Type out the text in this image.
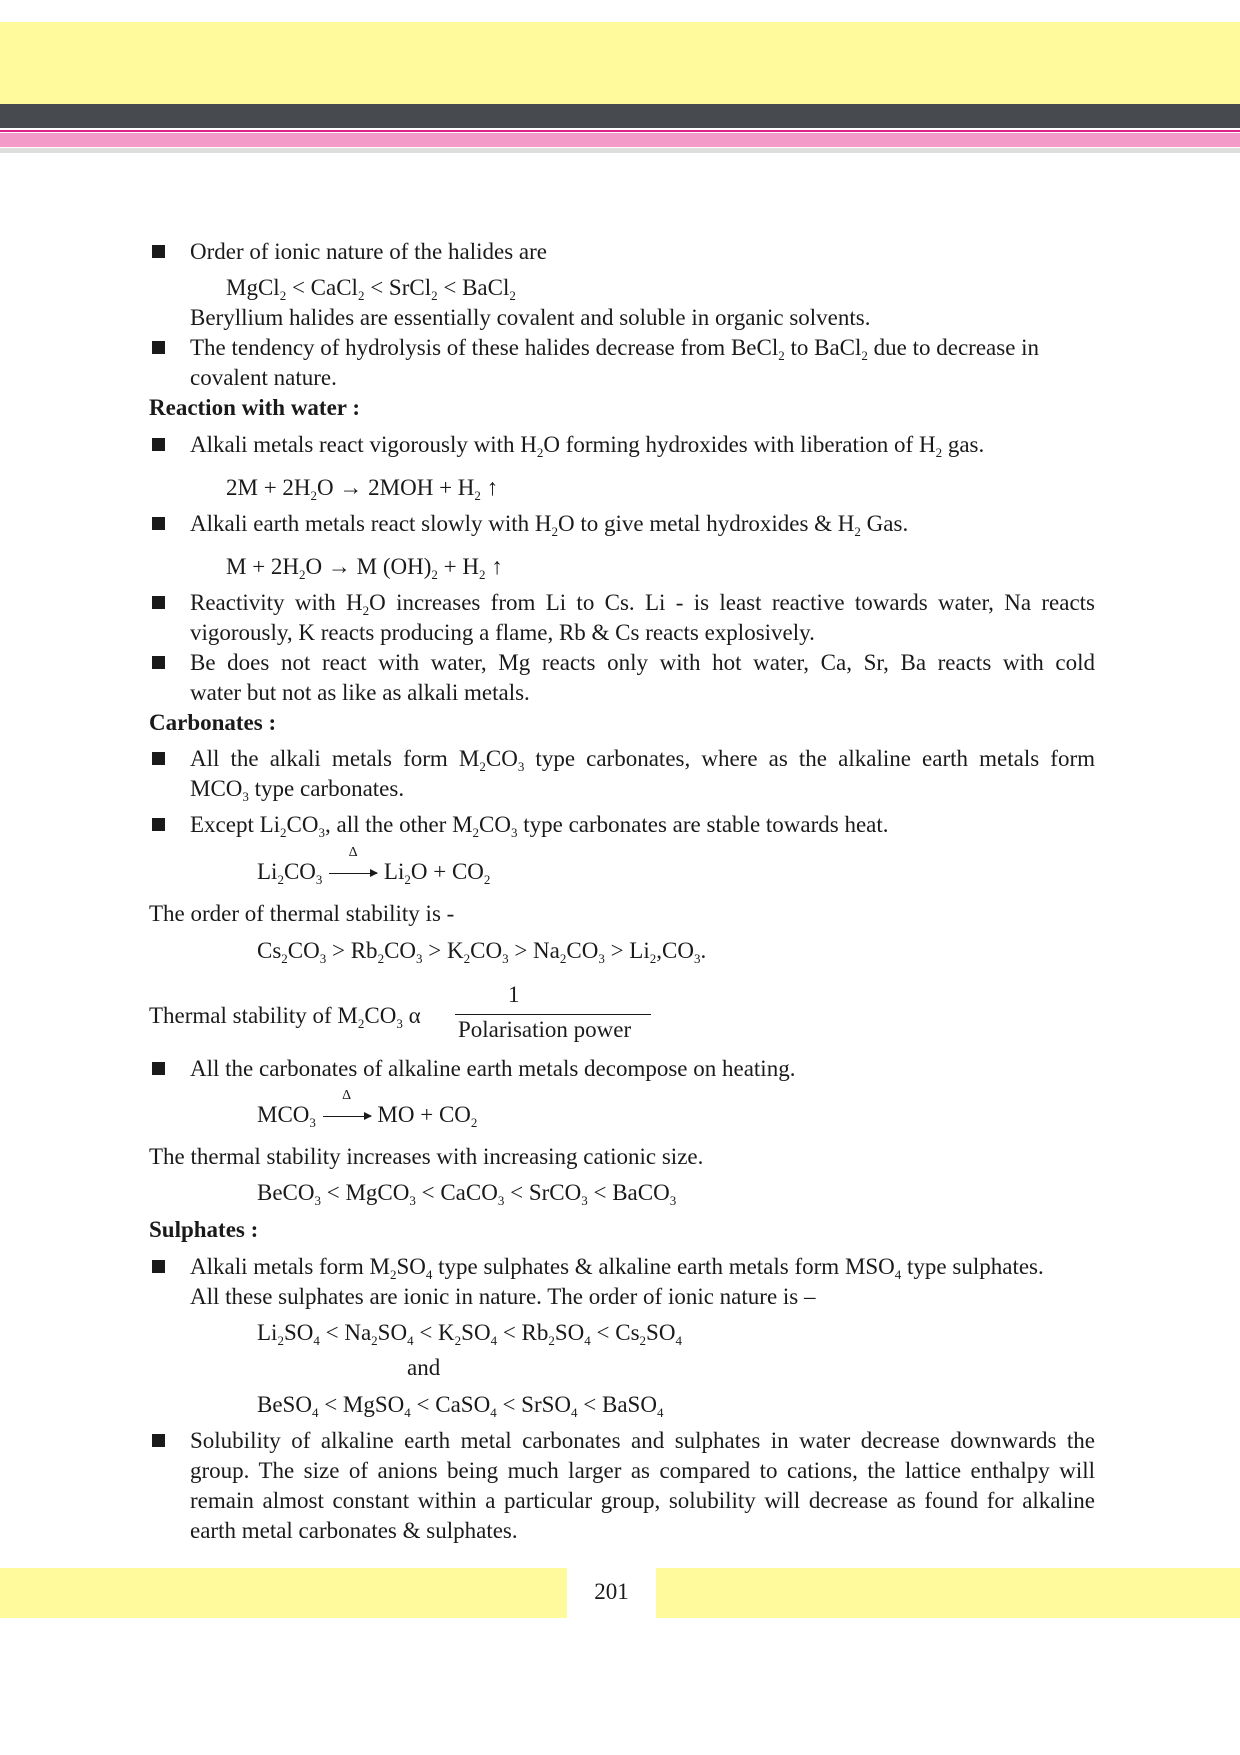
Order of ionic nature of the halides are
MgCl$_2$ < CaCl$_2$ < SrCl$_2$ < BaCl$_2$
Beryllium halides are essentially covalent and soluble in organic solvents.
The tendency of hydrolysis of these halides decrease from BeCl$_2$ to BaCl$_2$ due to decrease in
covalent nature.
Reaction with water :
Alkali metals react vigorously with $H_2O$ forming hydroxides with liberation of $H_2$ gas.
$2M + 2H_2O \to 2MOH + H_2$ ↑
Alkali earth metals react slowly with $H_2O$ to give metal hydroxides & $H_2$ Gas.
$M + 2H_2O \to M$ $(OH)_2 + H_2$ ↑
Reactivity with $H_2O$ increases from Li to Cs. Li - is least reactive towards water, Na reacts
vigorously, K reacts producing a flame, Rb & Cs reacts explosively.
Be does not react with water, Mg reacts only with hot water, Ca, Sr, Ba reacts with cold
water but not as like as alkali metals.
Carbonates :
All the alkali metals form $M_2CO_3$ type carbonates, where as the alkaline earth metals form
$MCO_3$ type carbonates.
Except $Li_2CO_3$, all the other $M_2CO_3$ type carbonates are stable towards heat.
$Li_2CO_3$
Δ
$Li_2O + CO_2$
The order of thermal stability is -
$Cs_2CO_3 > Rb_2CO_3 > K_2CO_3 > Na_2CO_3 > Li_2,CO_3$.
Thermal stability of $M_2CO_3$ α
1
Polarisation power
All the carbonates of alkaline earth metals decompose on heating.
$MCO_3$
Δ
MO + $CO_2$
The thermal stability increases with increasing cationic size.
BeCO$_3$ < MgCO$_3$ < CaCO$_3$ < SrCO$_3$ < BaCO$_3$
Sulphates :
Alkali metals form $M_2SO_4$ type sulphates & alkaline earth metals form $MSO_4$ type sulphates.
All these sulphates are ionic in nature. The order of ionic nature is –
$Li_2SO_4 < Na_2SO_4 < K_2SO_4 < Rb_2SO_4 < Cs_2SO_4$
and
BeSO$_4$ < MgSO$_4$ < CaSO$_4$ < SrSO$_4$ < BaSO$_4$
Solubility of alkaline earth metal carbonates and sulphates in water decrease downwards the
group. The size of anions being much larger as compared to cations, the lattice enthalpy will
remain almost constant within a particular group, solubility will decrease as found for alkaline
earth metal carbonates & sulphates.
201
